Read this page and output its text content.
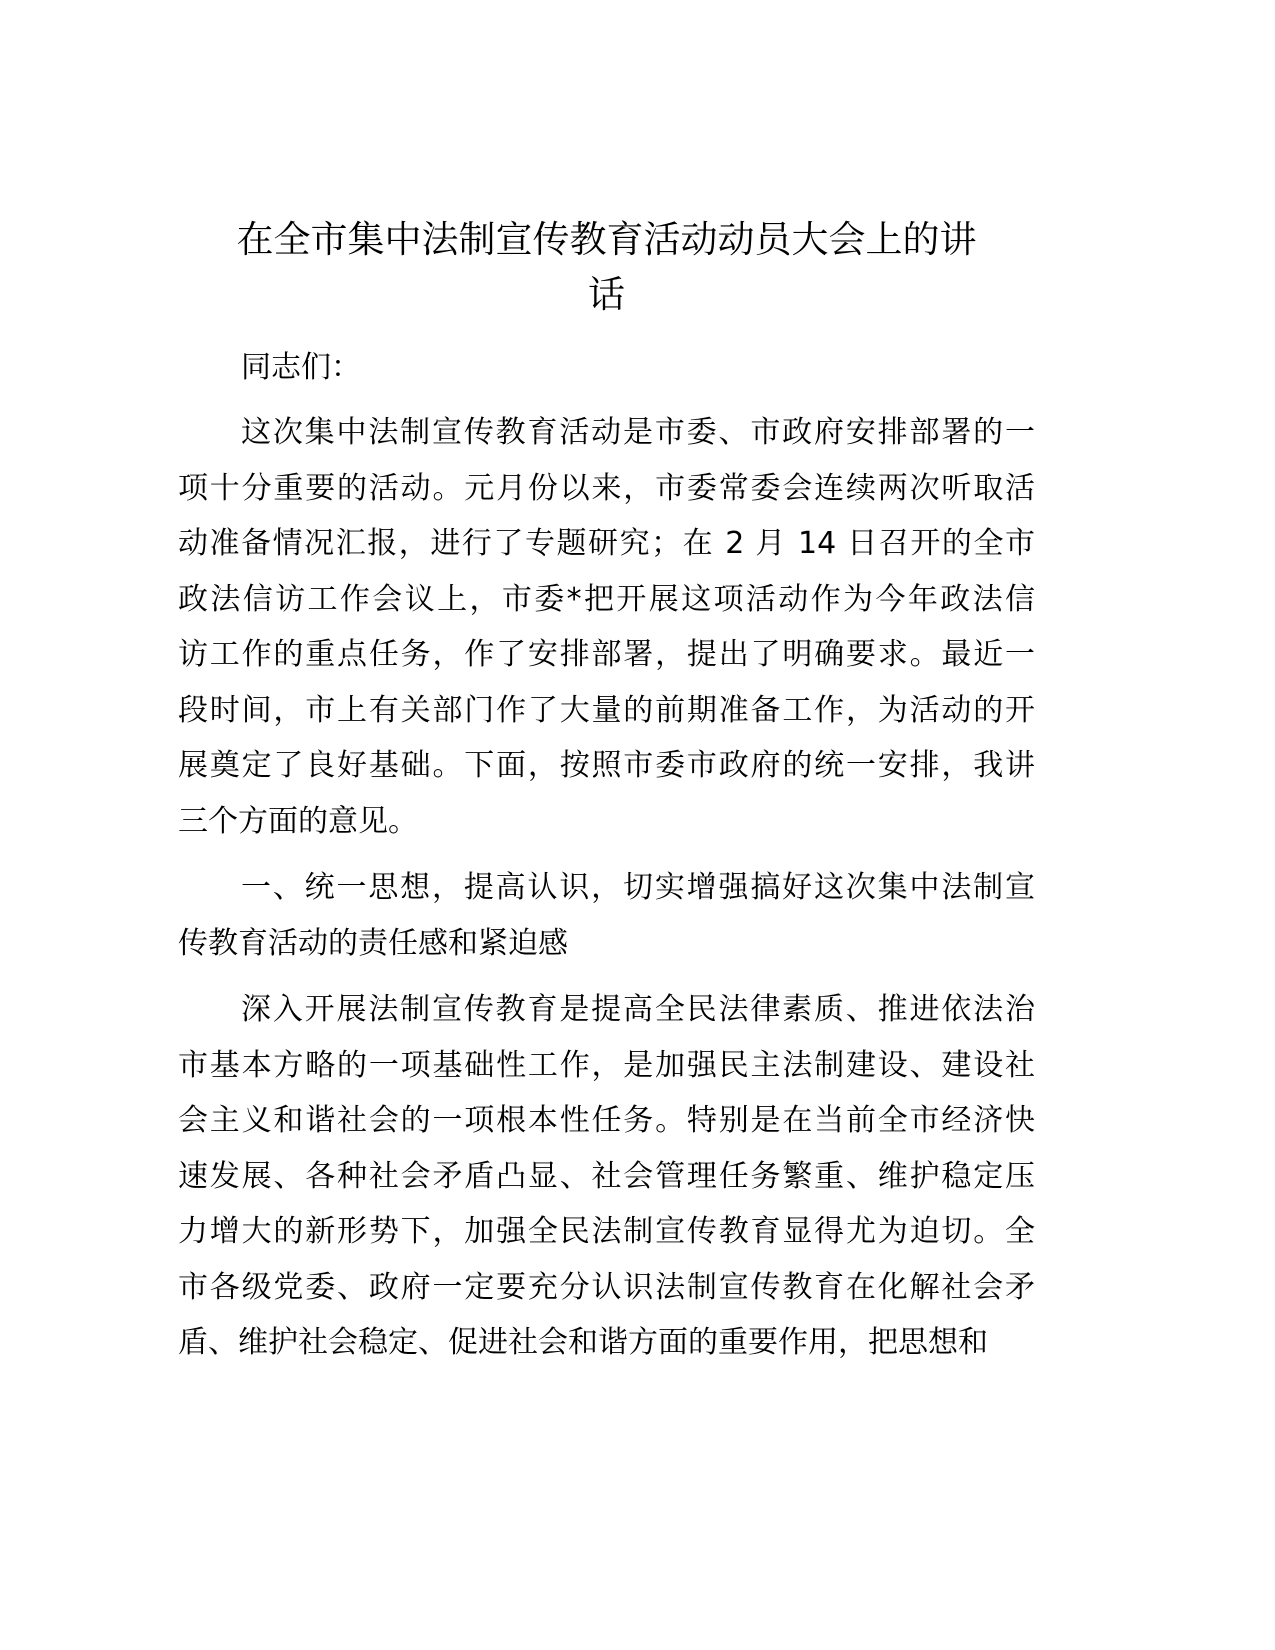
在全市集中法制宣传教育活动动员大会上的讲
话
同志们：
这次集中法制宣传教育活动是市委、市政府安排部署的一
项十分重要的活动。元月份以来，市委常委会连续两次听取活
动准备情况汇报，进行了专题研究；在 2 月 14 日召开的全市
政法信访工作会议上，市委*把开展这项活动作为今年政法信
访工作的重点任务，作了安排部署，提出了明确要求。最近一
段时间，市上有关部门作了大量的前期准备工作，为活动的开
展奠定了良好基础。下面，按照市委市政府的统一安排，我讲
三个方面的意见。
一、统一思想，提高认识，切实增强搞好这次集中法制宣
传教育活动的责任感和紧迫感
深入开展法制宣传教育是提高全民法律素质、推进依法治
市基本方略的一项基础性工作，是加强民主法制建设、建设社
会主义和谐社会的一项根本性任务。特别是在当前全市经济快
速发展、各种社会矛盾凸显、社会管理任务繁重、维护稳定压
力增大的新形势下，加强全民法制宣传教育显得尤为迫切。全
市各级党委、政府一定要充分认识法制宣传教育在化解社会矛
盾、维护社会稳定、促进社会和谐方面的重要作用，把思想和
